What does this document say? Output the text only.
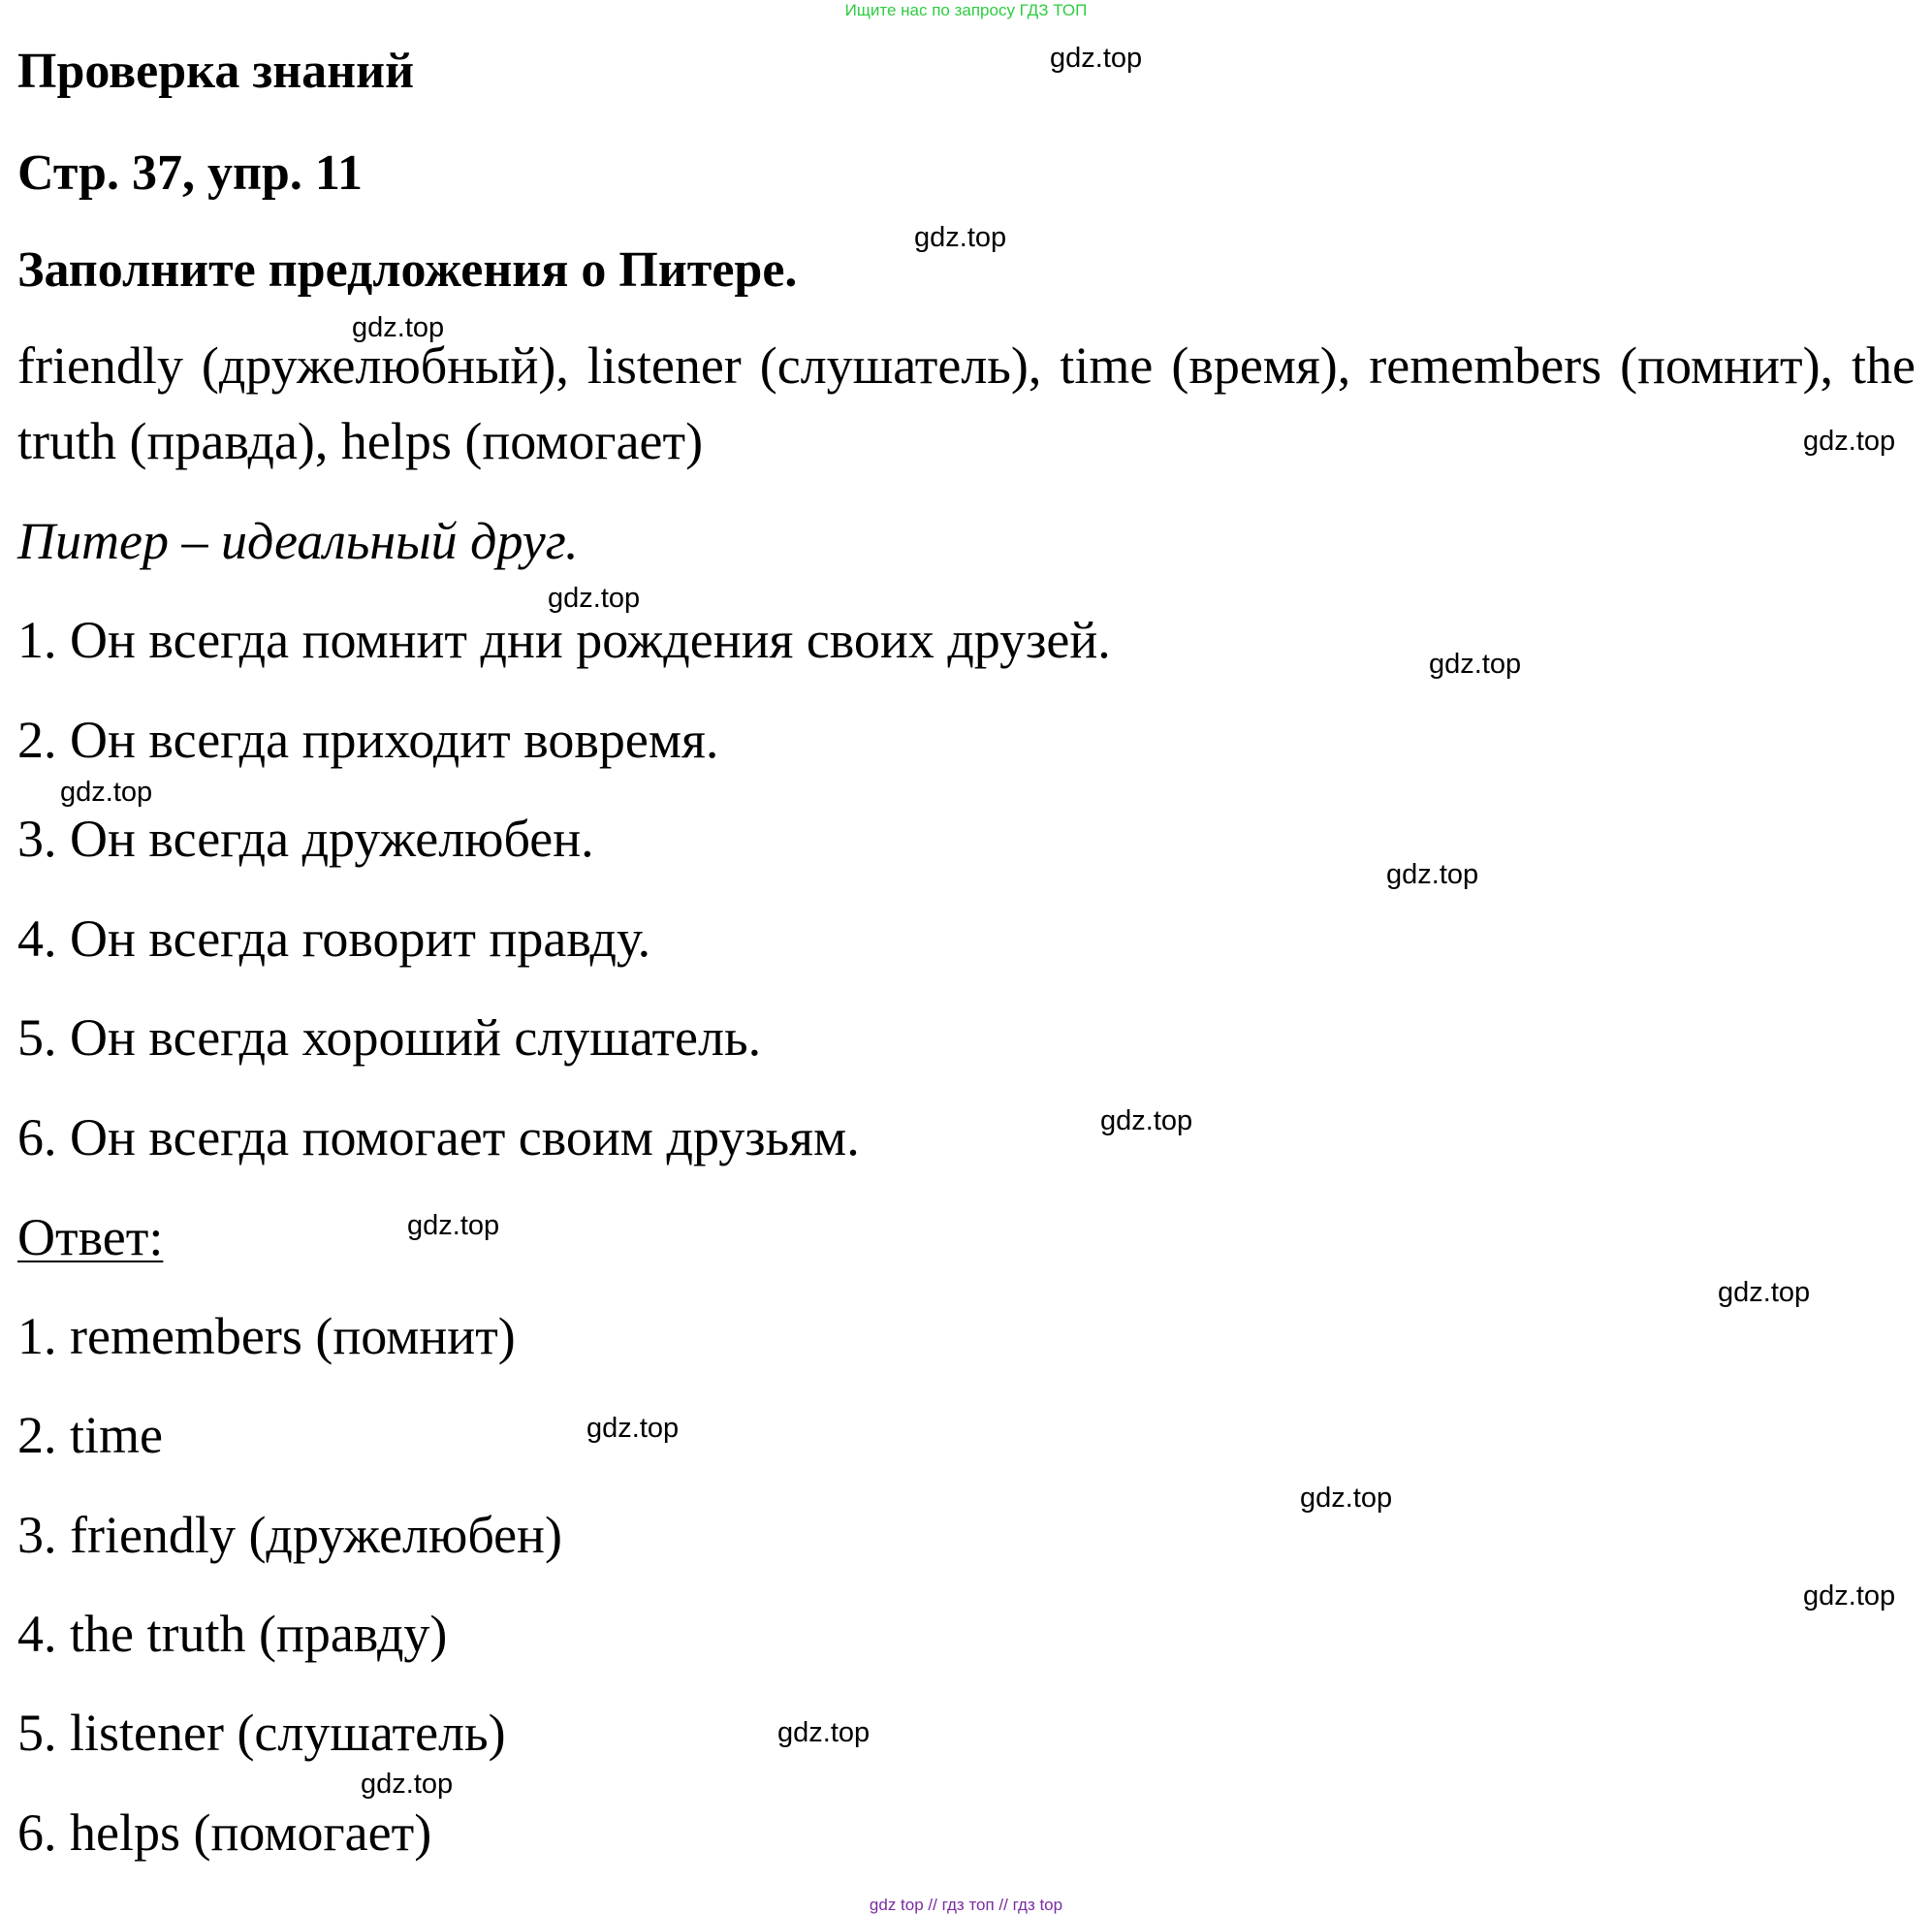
Ищите нас по запросу ГДЗ ТОП
Проверка знаний
Стр. 37, упр. 11
Заполните предложения о Питере.

friendly (дружелюбный), listener (слушатель), time (время), remembers (помнит), the truth (правда), helps (помогает)

Питер – идеальный друг.

1. Он всегда помнит дни рождения своих друзей.

2. Он всегда приходит вовремя.

3. Он всегда дружелюбен.

4. Он всегда говорит правду.

5. Он всегда хороший слушатель.

6. Он всегда помогает своим друзьям.

Ответ:

1. remembers (помнит)

2. time

3. friendly (дружелюбен)

4. the truth (правду)

5. listener (слушатель)

6. helps (помогает)

gdz.top
gdz.top
gdz.top
gdz.top
gdz.top
gdz.top
gdz.top
gdz.top
gdz.top
gdz.top
gdz.top
gdz.top
gdz.top
gdz.top
gdz.top
gdz.top
gdz top // гдз топ // гдз top
